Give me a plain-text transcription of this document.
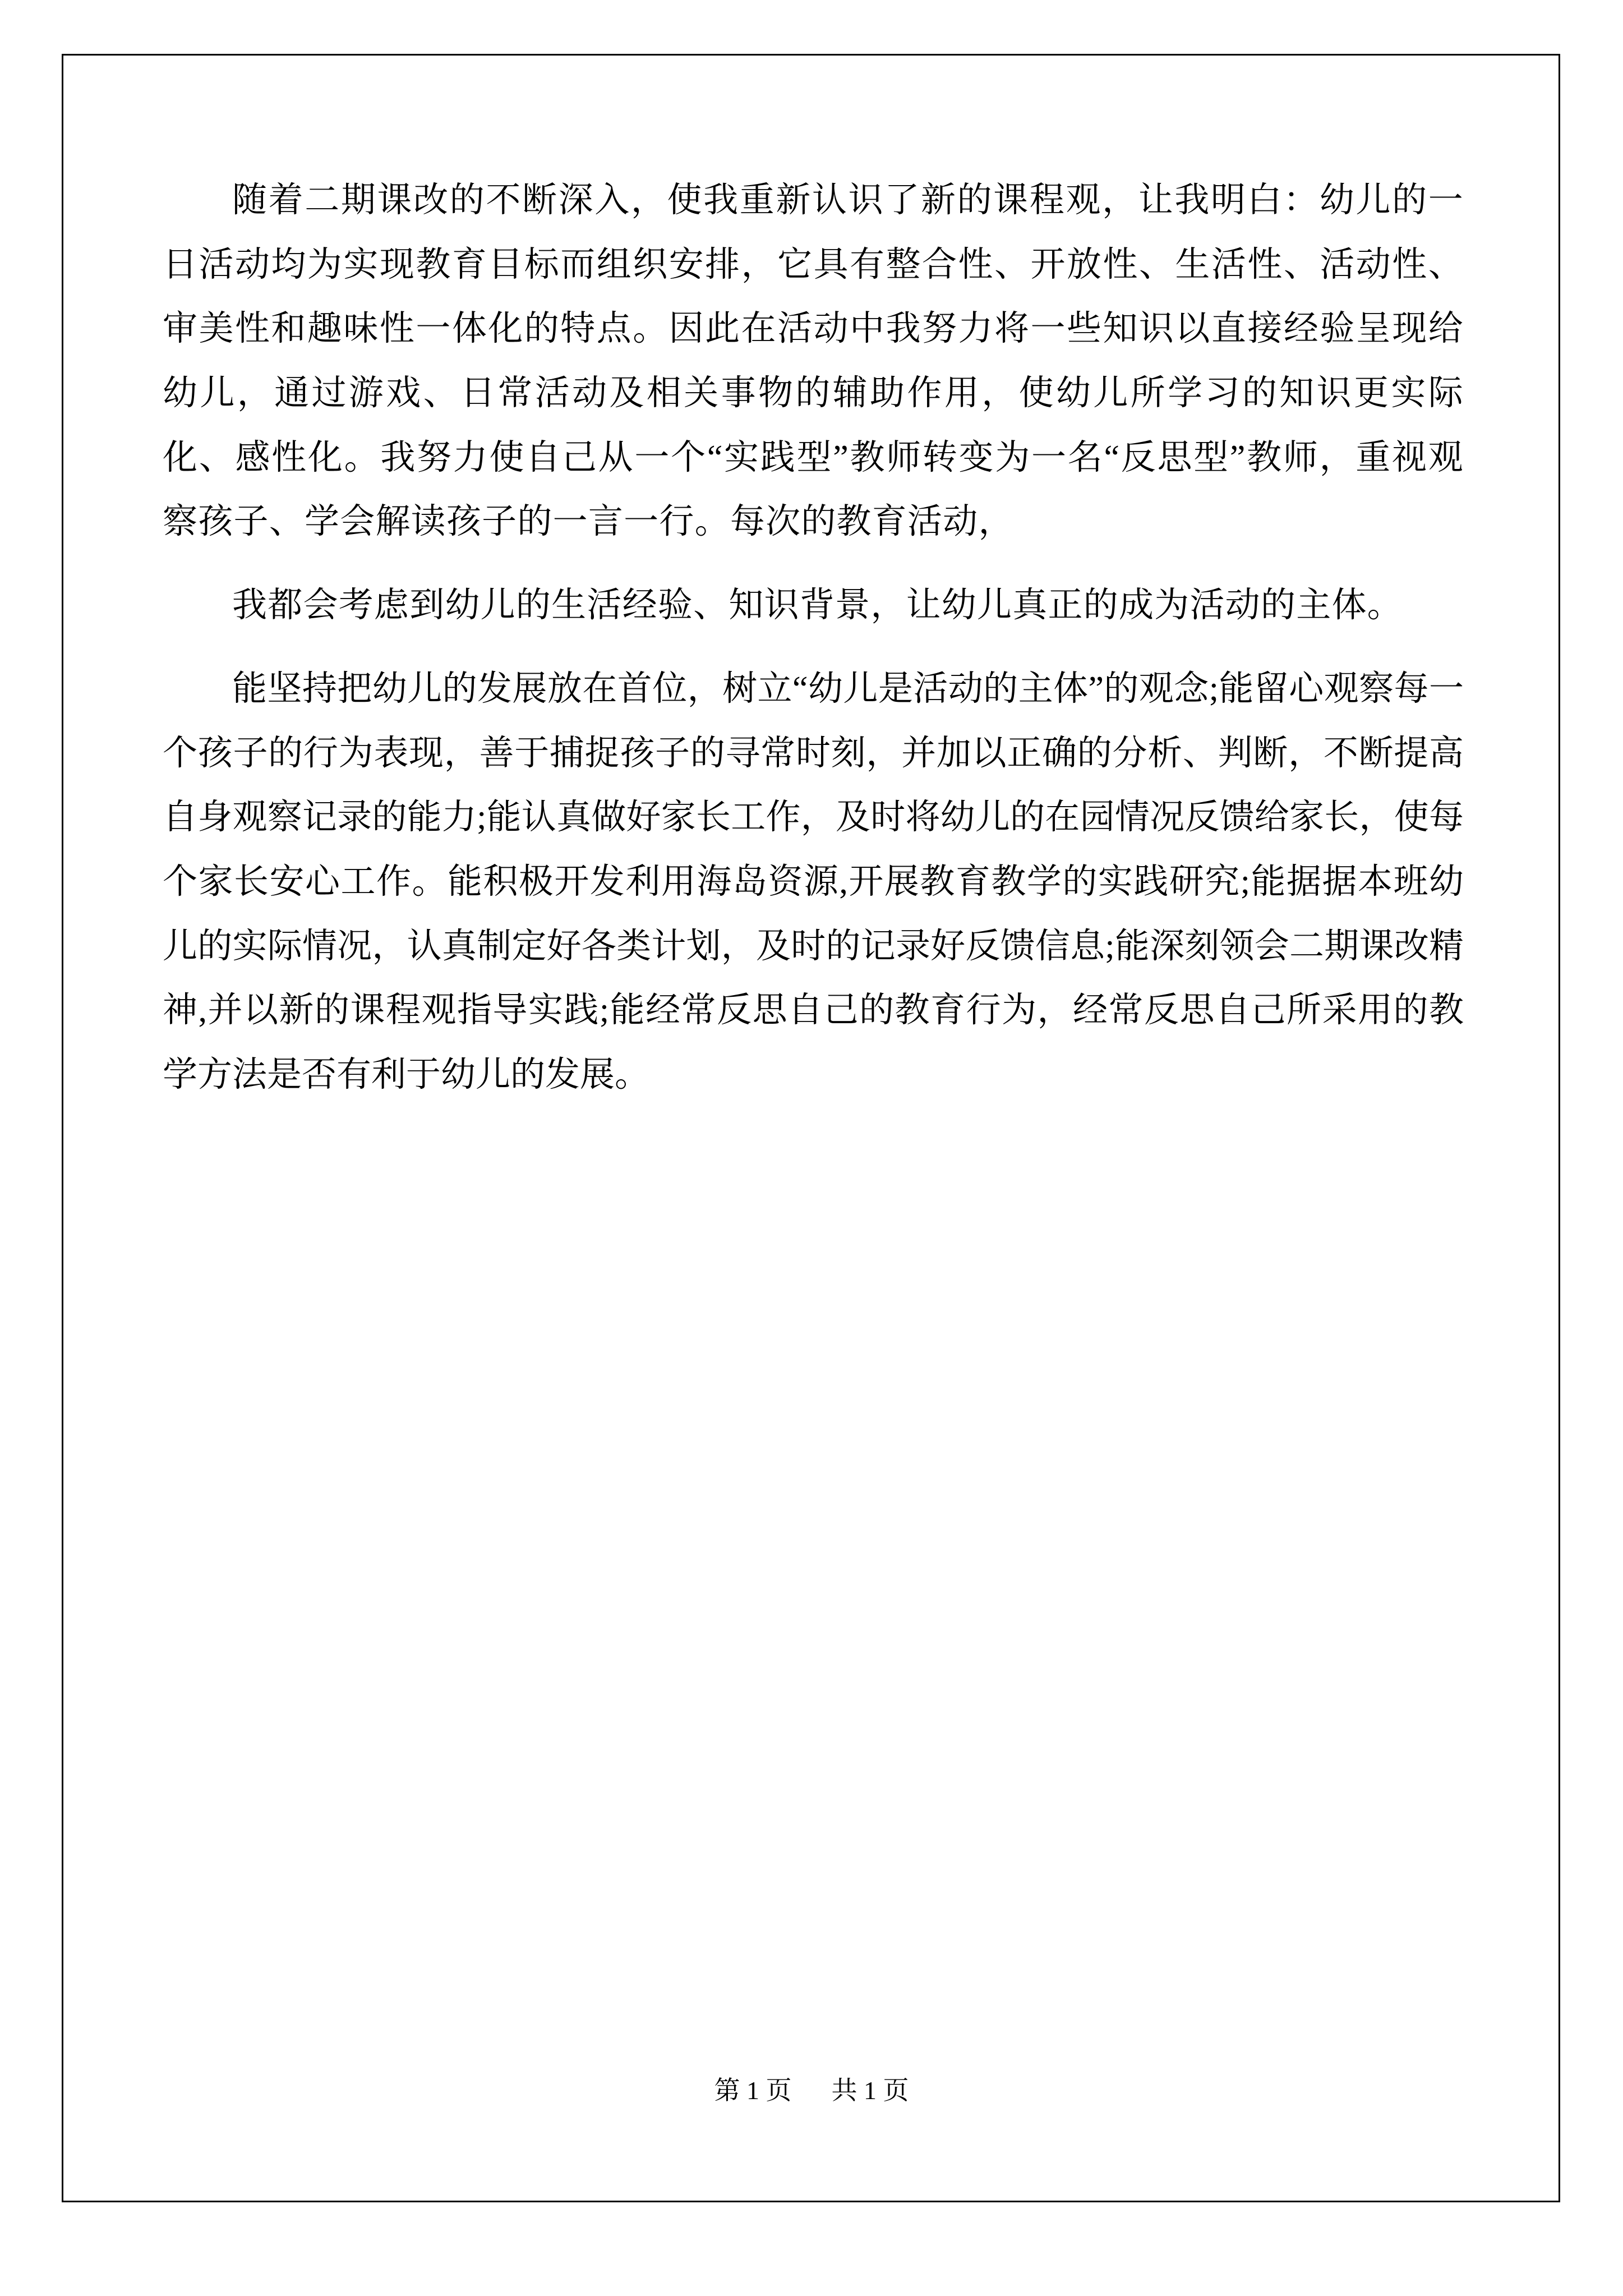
随着二期课改的不断深入，使我重新认识了新的课程观，让我明白：幼儿的一日活动均为实现教育目标而组织安排，它具有整合性、开放性、生活性、活动性、审美性和趣味性一体化的特点。因此在活动中我努力将一些知识以直接经验呈现给幼儿，通过游戏、日常活动及相关事物的辅助作用，使幼儿所学习的知识更实际化、感性化。我努力使自己从一个“实践型”教师转变为一名“反思型”教师，重视观察孩子、学会解读孩子的一言一行。每次的教育活动，

我都会考虑到幼儿的生活经验、知识背景，让幼儿真正的成为活动的主体。

能坚持把幼儿的发展放在首位，树立“幼儿是活动的主体”的观念;能留心观察每一个孩子的行为表现，善于捕捉孩子的寻常时刻，并加以正确的分析、判断，不断提高自身观察记录的能力;能认真做好家长工作，及时将幼儿的在园情况反馈给家长，使每个家长安心工作。能积极开发利用海岛资源,开展教育教学的实践研究;能据据本班幼儿的实际情况，认真制定好各类计划，及时的记录好反馈信息;能深刻领会二期课改精神,并以新的课程观指导实践;能经常反思自己的教育行为，经常反思自己所采用的教学方法是否有利于幼儿的发展。

第 1 页 共 1 页
